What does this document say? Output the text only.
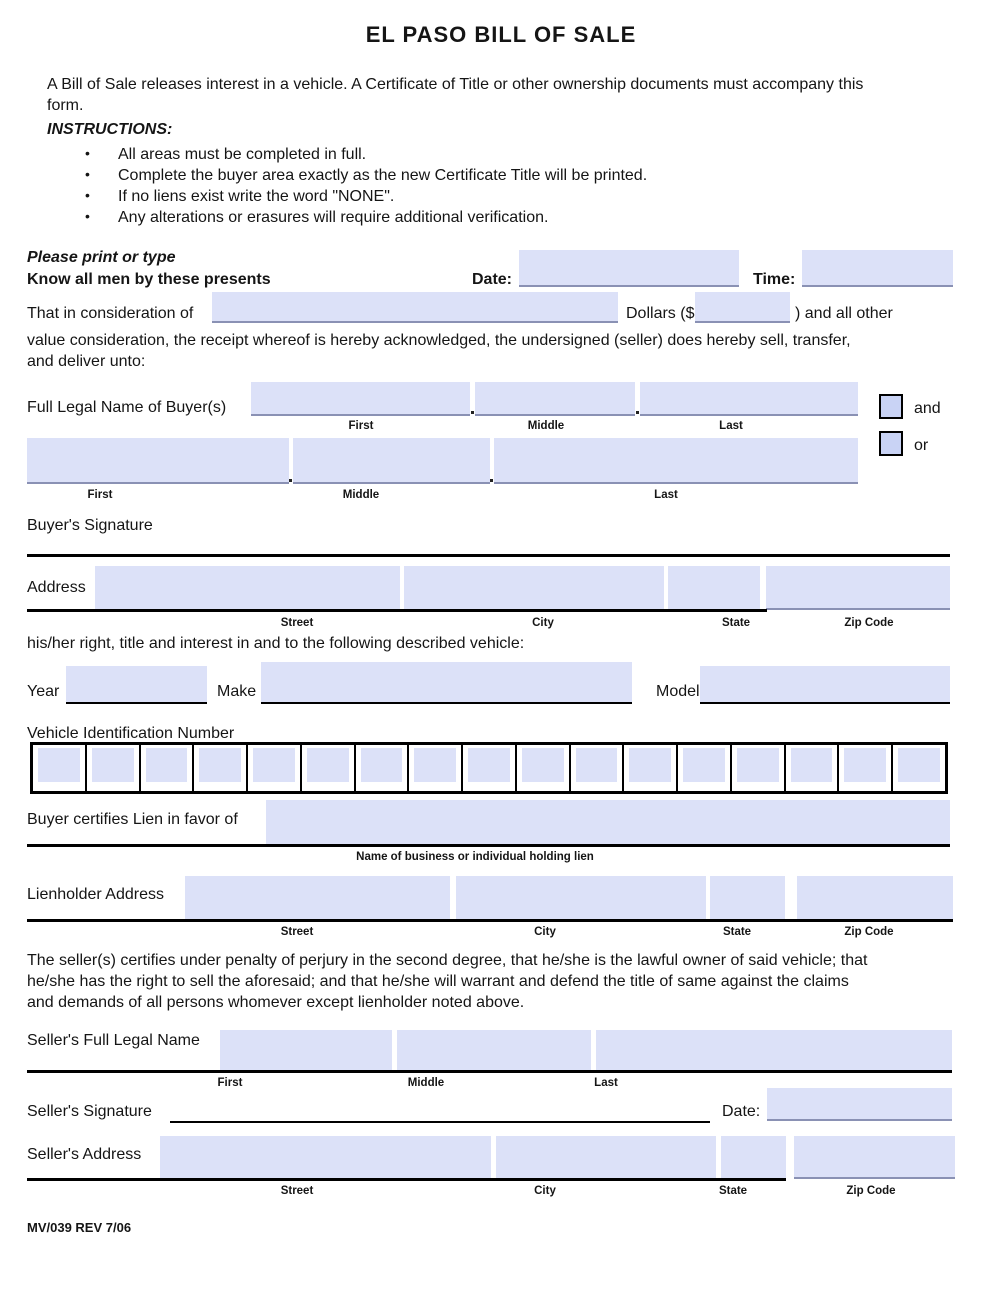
EL PASO BILL OF SALE
A Bill of Sale releases interest in a vehicle. A Certificate of Title or other ownership documents must accompany this
form.
INSTRUCTIONS:
• All areas must be completed in full.
• Complete the buyer area exactly as the new Certificate Title will be printed.
• If no liens exist write the word "NONE".
• Any alterations or erasures will require additional verification.
Please print or type
Know all men by these presents	Date:	Time:
That in consideration of	Dollars ($	) and all other
value consideration, the receipt whereof is hereby acknowledged, the undersigned (seller) does hereby sell, transfer,
and deliver unto:
Full Legal Name of Buyer(s)
First	Middle	Last
and
or
First	Middle	Last
Buyer's Signature
Address
Street	City	State	Zip Code
his/her right, title and interest in and to the following described vehicle:
Year	Make	Model
Vehicle Identification Number
Buyer certifies Lien in favor of
Name of business or individual holding lien
Lienholder Address
Street	City	State	Zip Code
The seller(s) certifies under penalty of perjury in the second degree, that he/she is the lawful owner of said vehicle; that
he/she has the right to sell the aforesaid; and that he/she will warrant and defend the title of same against the claims
and demands of all persons whomever except lienholder noted above.
Seller's Full Legal Name
First	Middle	Last
Seller's Signature	Date:
Seller's Address
Street	City	State	Zip Code
MV/039 REV 7/06
